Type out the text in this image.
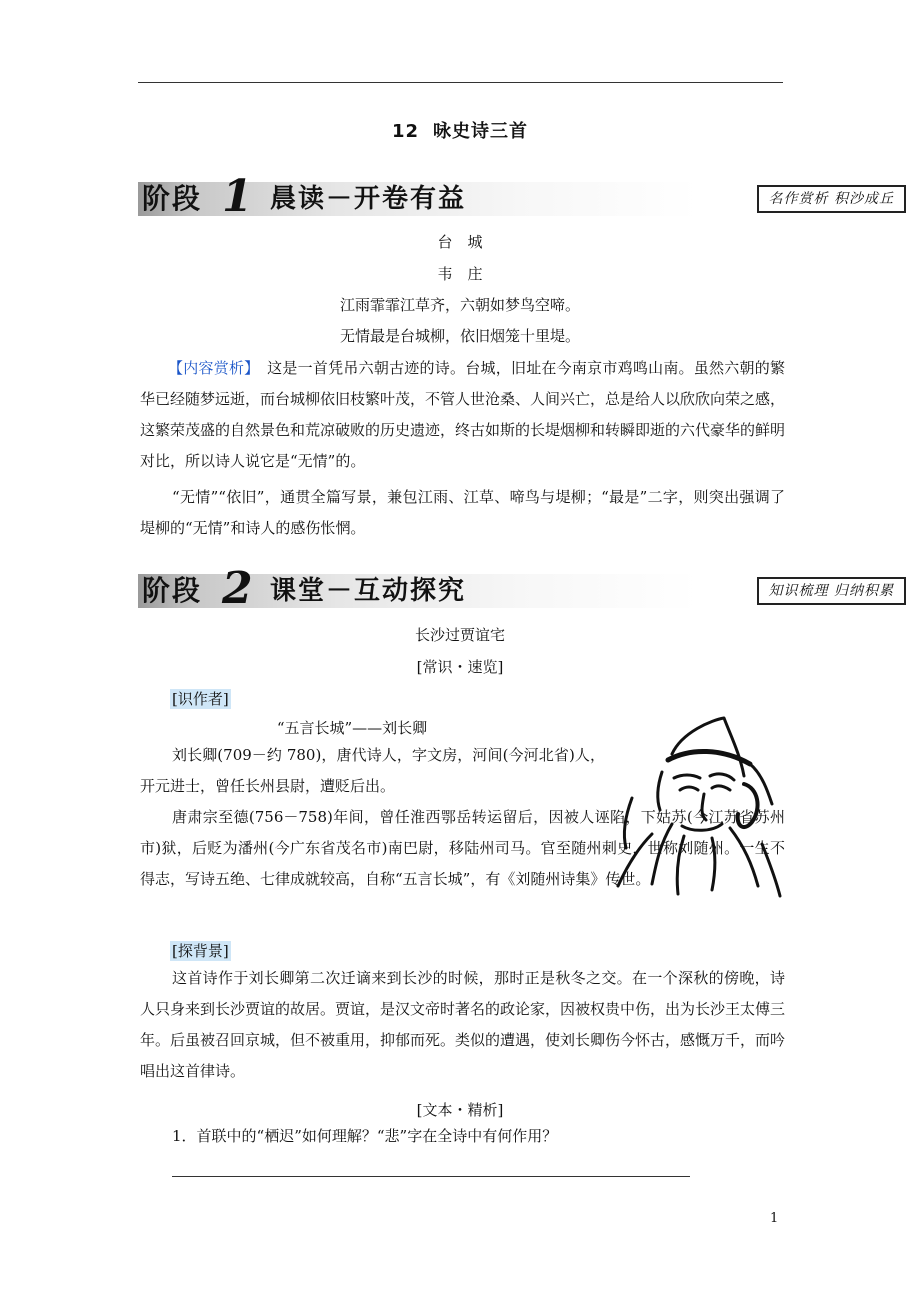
12 咏史诗三首
阶段 1 晨读－开卷有益	名作赏析 积沙成丘
台　城
韦　庄
江雨霏霏江草齐，六朝如梦鸟空啼。
无情最是台城柳，依旧烟笼十里堤。

【内容赏析】　 这是一首凭吊六朝古迹的诗。台城，旧址在今南京市鸡鸣山南。虽然六朝的繁华已经随梦远逝，而台城柳依旧枝繁叶茂，不管人世沧桑、人间兴亡，总是给人以欣欣向荣之感，这繁荣茂盛的自然景色和荒凉破败的历史遗迹，终古如斯的长堤烟柳和转瞬即逝的六代豪华的鲜明对比，所以诗人说它是“无情”的。

“无情”“依旧”，通贯全篇写景，兼包江雨、江草、啼鸟与堤柳；“最是”二字，则突出强调了堤柳的“无情”和诗人的感伤怅惘。

阶段 2 课堂－互动探究	知识梳理 归纳积累
长沙过贾谊宅
[常识・速览]
[识作者]
“五言长城”——刘长卿

刘长卿(709－约 780)，唐代诗人，字文房，河间(今河北省)人，开元进士，曾任长州县尉，遭贬后出。

唐肃宗至德(756－758)年间，曾任淮西鄂岳转运留后，因被人诬陷，下姑苏(今江苏省苏州市)狱，后贬为潘州(今广东省茂名市)南巴尉，移陆州司马。官至随州刺史，世称刘随州。一生不得志，写诗五绝、七律成就较高，自称“五言长城”，有《刘随州诗集》传世。

[探背景]

这首诗作于刘长卿第二次迁谪来到长沙的时候，那时正是秋冬之交。在一个深秋的傍晚，诗人只身来到长沙贾谊的故居。贾谊，是汉文帝时著名的政论家，因被权贵中伤，出为长沙王太傅三年。后虽被召回京城，但不被重用，抑郁而死。类似的遭遇，使刘长卿伤今怀古，感慨万千，而吟唱出这首律诗。

[文本・精析]

1．首联中的“栖迟”如何理解？“悲”字在全诗中有何作用？

1
